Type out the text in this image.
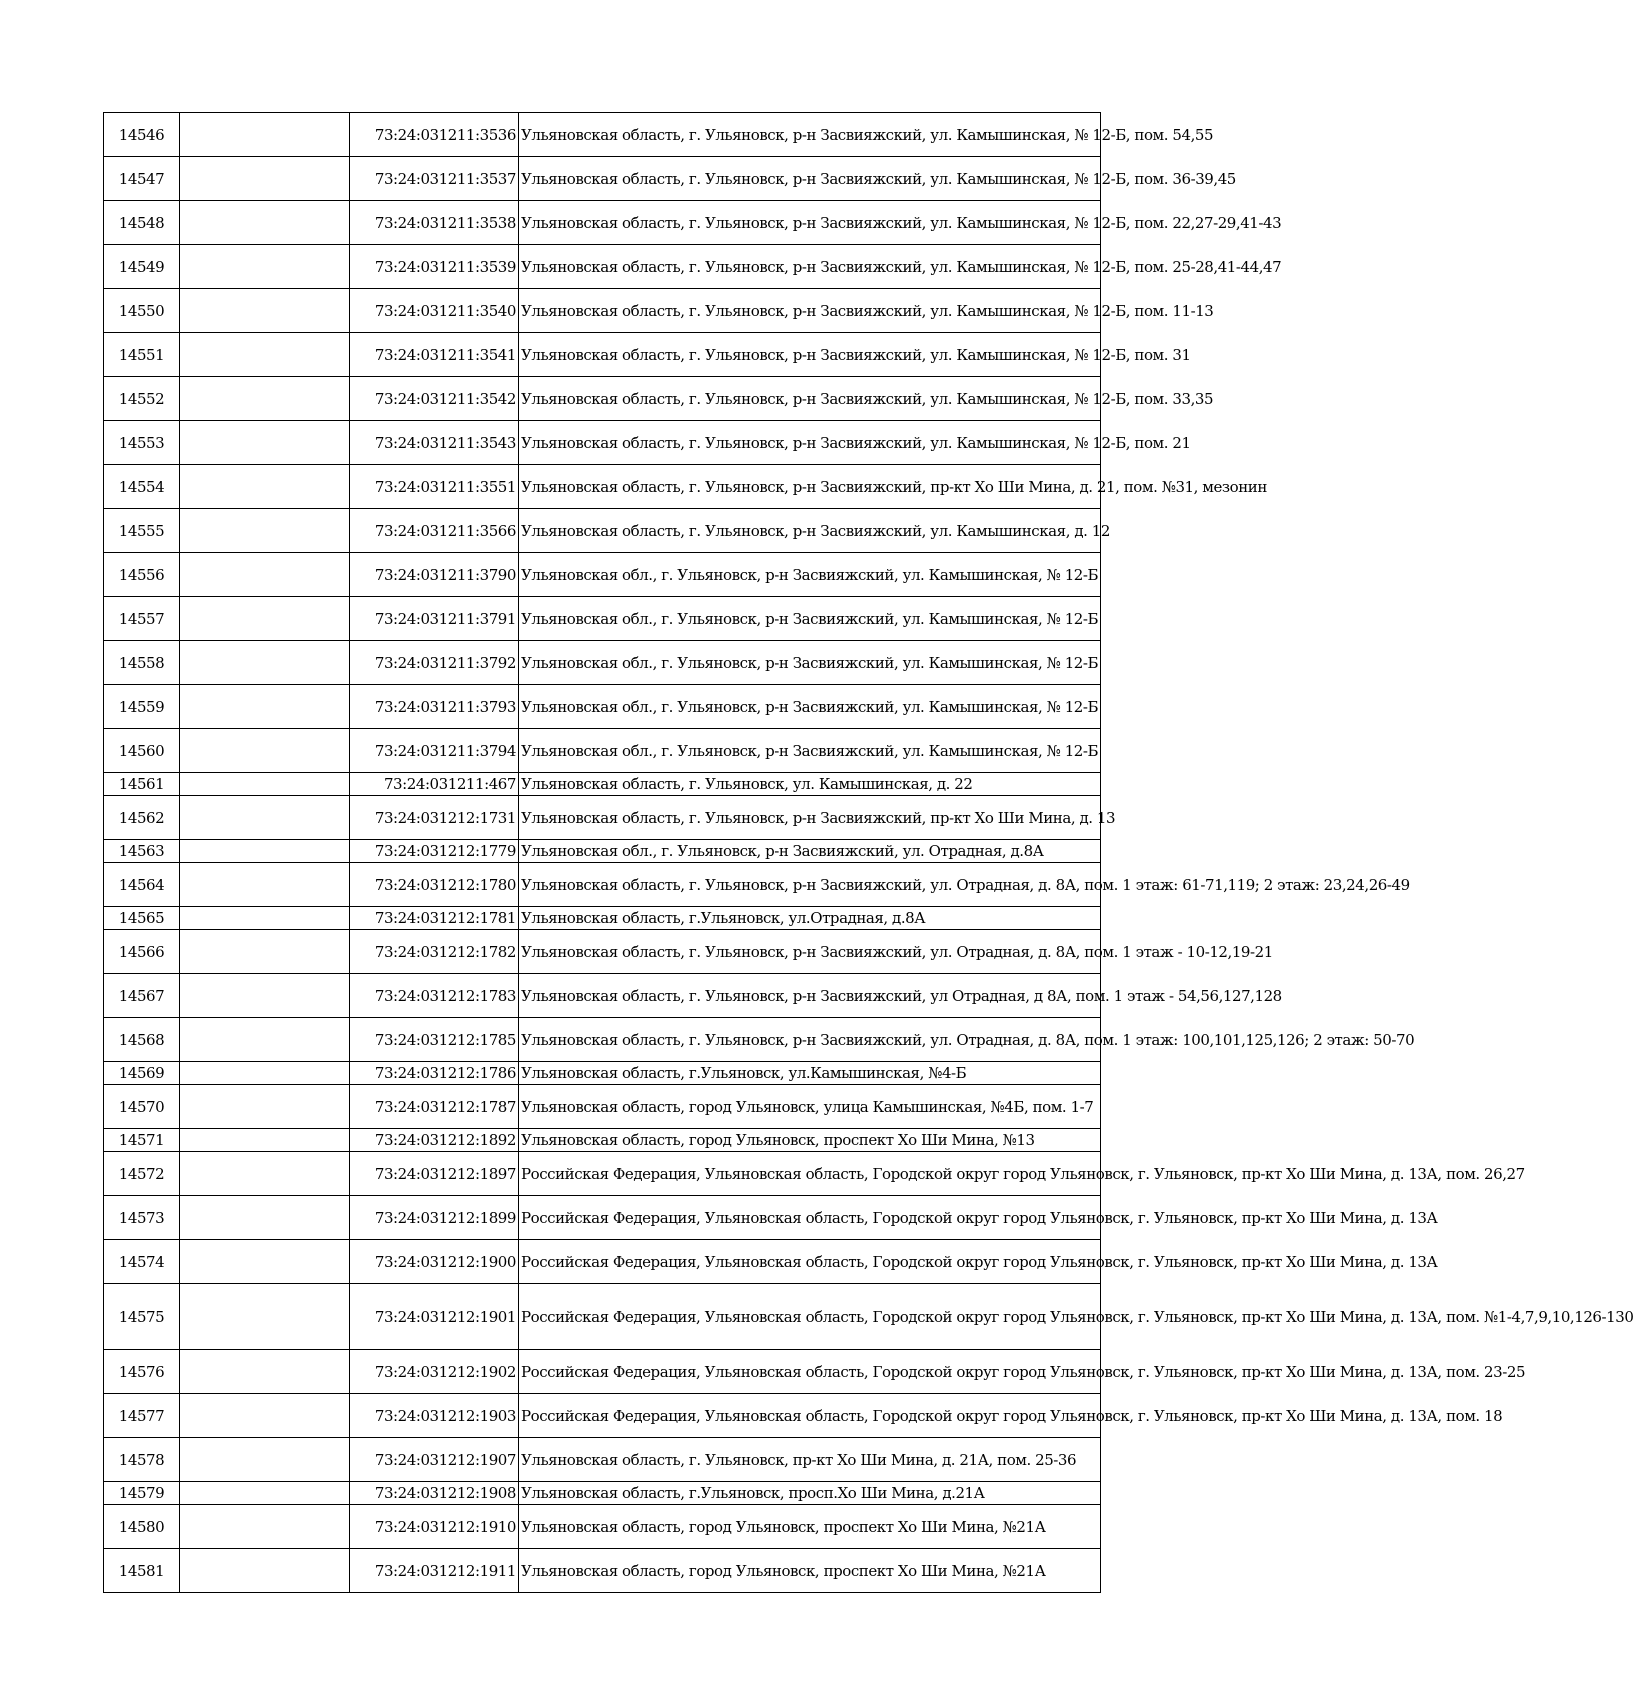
14546		73:24:031211:3536	Ульяновская область, г. Ульяновск, р-н Засвияжский, ул. Камышинская, № 12-Б, пом. 54,55
14547		73:24:031211:3537	Ульяновская область, г. Ульяновск, р-н Засвияжский, ул. Камышинская, № 12-Б, пом. 36-39,45
14548		73:24:031211:3538	Ульяновская область, г. Ульяновск, р-н Засвияжский, ул. Камышинская, № 12-Б, пом. 22,27-29,41-43
14549		73:24:031211:3539	Ульяновская область, г. Ульяновск, р-н Засвияжский, ул. Камышинская, № 12-Б, пом. 25-28,41-44,47
14550		73:24:031211:3540	Ульяновская область, г. Ульяновск, р-н Засвияжский, ул. Камышинская, № 12-Б, пом. 11-13
14551		73:24:031211:3541	Ульяновская область, г. Ульяновск, р-н Засвияжский, ул. Камышинская, № 12-Б, пом. 31
14552		73:24:031211:3542	Ульяновская область, г. Ульяновск, р-н Засвияжский, ул. Камышинская, № 12-Б, пом. 33,35
14553		73:24:031211:3543	Ульяновская область, г. Ульяновск, р-н Засвияжский, ул. Камышинская, № 12-Б, пом. 21
14554		73:24:031211:3551	Ульяновская область, г. Ульяновск, р-н Засвияжский, пр-кт Хо Ши Мина, д. 21, пом. №31, мезонин
14555		73:24:031211:3566	Ульяновская область, г. Ульяновск, р-н Засвияжский, ул. Камышинская, д. 12
14556		73:24:031211:3790	Ульяновская обл., г. Ульяновск, р-н Засвияжский, ул. Камышинская, № 12-Б
14557		73:24:031211:3791	Ульяновская обл., г. Ульяновск, р-н Засвияжский, ул. Камышинская, № 12-Б
14558		73:24:031211:3792	Ульяновская обл., г. Ульяновск, р-н Засвияжский, ул. Камышинская, № 12-Б
14559		73:24:031211:3793	Ульяновская обл., г. Ульяновск, р-н Засвияжский, ул. Камышинская, № 12-Б
14560		73:24:031211:3794	Ульяновская обл., г. Ульяновск, р-н Засвияжский, ул. Камышинская, № 12-Б
14561		73:24:031211:467	Ульяновская область, г. Ульяновск, ул. Камышинская, д. 22
14562		73:24:031212:1731	Ульяновская область, г. Ульяновск, р-н Засвияжский, пр-кт Хо Ши Мина, д. 13
14563		73:24:031212:1779	Ульяновская обл., г. Ульяновск, р-н Засвияжский, ул. Отрадная, д.8А
14564		73:24:031212:1780	Ульяновская область, г. Ульяновск, р-н Засвияжский, ул. Отрадная, д. 8А, пом. 1 этаж: 61-71,119; 2 этаж: 23,24,26-49
14565		73:24:031212:1781	Ульяновская область, г.Ульяновск, ул.Отрадная, д.8А
14566		73:24:031212:1782	Ульяновская область, г. Ульяновск, р-н Засвияжский, ул. Отрадная, д. 8А, пом. 1 этаж - 10-12,19-21
14567		73:24:031212:1783	Ульяновская область, г. Ульяновск, р-н Засвияжский, ул Отрадная, д 8А, пом. 1 этаж - 54,56,127,128
14568		73:24:031212:1785	Ульяновская область, г. Ульяновск, р-н Засвияжский, ул. Отрадная, д. 8А, пом. 1 этаж: 100,101,125,126; 2 этаж: 50-70
14569		73:24:031212:1786	Ульяновская область, г.Ульяновск, ул.Камышинская, №4-Б
14570		73:24:031212:1787	Ульяновская область, город Ульяновск, улица Камышинская, №4Б, пом. 1-7
14571		73:24:031212:1892	Ульяновская область, город Ульяновск, проспект Хо Ши Мина, №13
14572		73:24:031212:1897	Российская Федерация, Ульяновская область, Городской округ город Ульяновск, г. Ульяновск, пр-кт Хо Ши Мина, д. 13А, пом. 26,27
14573		73:24:031212:1899	Российская Федерация, Ульяновская область, Городской округ город Ульяновск, г. Ульяновск, пр-кт Хо Ши Мина, д. 13А
14574		73:24:031212:1900	Российская Федерация, Ульяновская область, Городской округ город Ульяновск, г. Ульяновск, пр-кт Хо Ши Мина, д. 13А
14575		73:24:031212:1901	Российская Федерация, Ульяновская область, Городской округ город Ульяновск, г. Ульяновск, пр-кт Хо Ши Мина, д. 13А, пом. №1-4,7,9,10,126-130
14576		73:24:031212:1902	Российская Федерация, Ульяновская область, Городской округ город Ульяновск, г. Ульяновск, пр-кт Хо Ши Мина, д. 13А, пом. 23-25
14577		73:24:031212:1903	Российская Федерация, Ульяновская область, Городской округ город Ульяновск, г. Ульяновск, пр-кт Хо Ши Мина, д. 13А, пом. 18
14578		73:24:031212:1907	Ульяновская область, г. Ульяновск, пр-кт Хо Ши Мина, д. 21А, пом. 25-36
14579		73:24:031212:1908	Ульяновская область, г.Ульяновск, просп.Хо Ши Мина, д.21А
14580		73:24:031212:1910	Ульяновская область, город Ульяновск, проспект Хо Ши Мина, №21А
14581		73:24:031212:1911	Ульяновская область, город Ульяновск, проспект Хо Ши Мина, №21А
